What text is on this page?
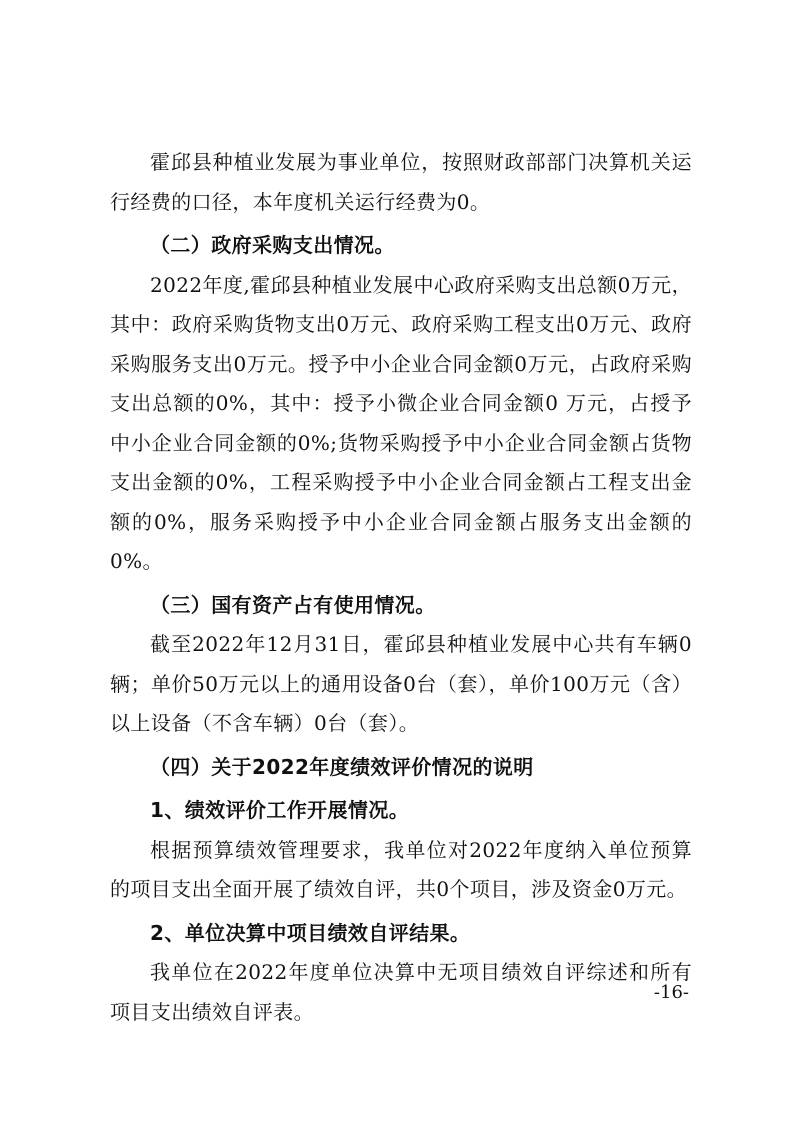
霍邱县种植业发展为事业单位，按照财政部部门决算机关运行经费的口径，本年度机关运行经费为0。

（二）政府采购支出情况。

2022年度,霍邱县种植业发展中心政府采购支出总额0万元，其中：政府采购货物支出0万元、政府采购工程支出0万元、政府采购服务支出0万元。授予中小企业合同金额0万元，占政府采购支出总额的0%，其中：授予小微企业合同金额0 万元，占授予中小企业合同金额的0%;货物采购授予中小企业合同金额占货物支出金额的0%，工程采购授予中小企业合同金额占工程支出金额的0%，服务采购授予中小企业合同金额占服务支出金额的0%。

（三）国有资产占有使用情况。

截至2022年12月31日，霍邱县种植业发展中心共有车辆0辆；单价50万元以上的通用设备0台（套），单价100万元（含）以上设备（不含车辆）0台（套）。

（四）关于2022年度绩效评价情况的说明

1、绩效评价工作开展情况。

根据预算绩效管理要求，我单位对2022年度纳入单位预算的项目支出全面开展了绩效自评，共0个项目，涉及资金0万元。

2、单位决算中项目绩效自评结果。

我单位在2022年度单位决算中无项目绩效自评综述和所有项目支出绩效自评表。

-16-
